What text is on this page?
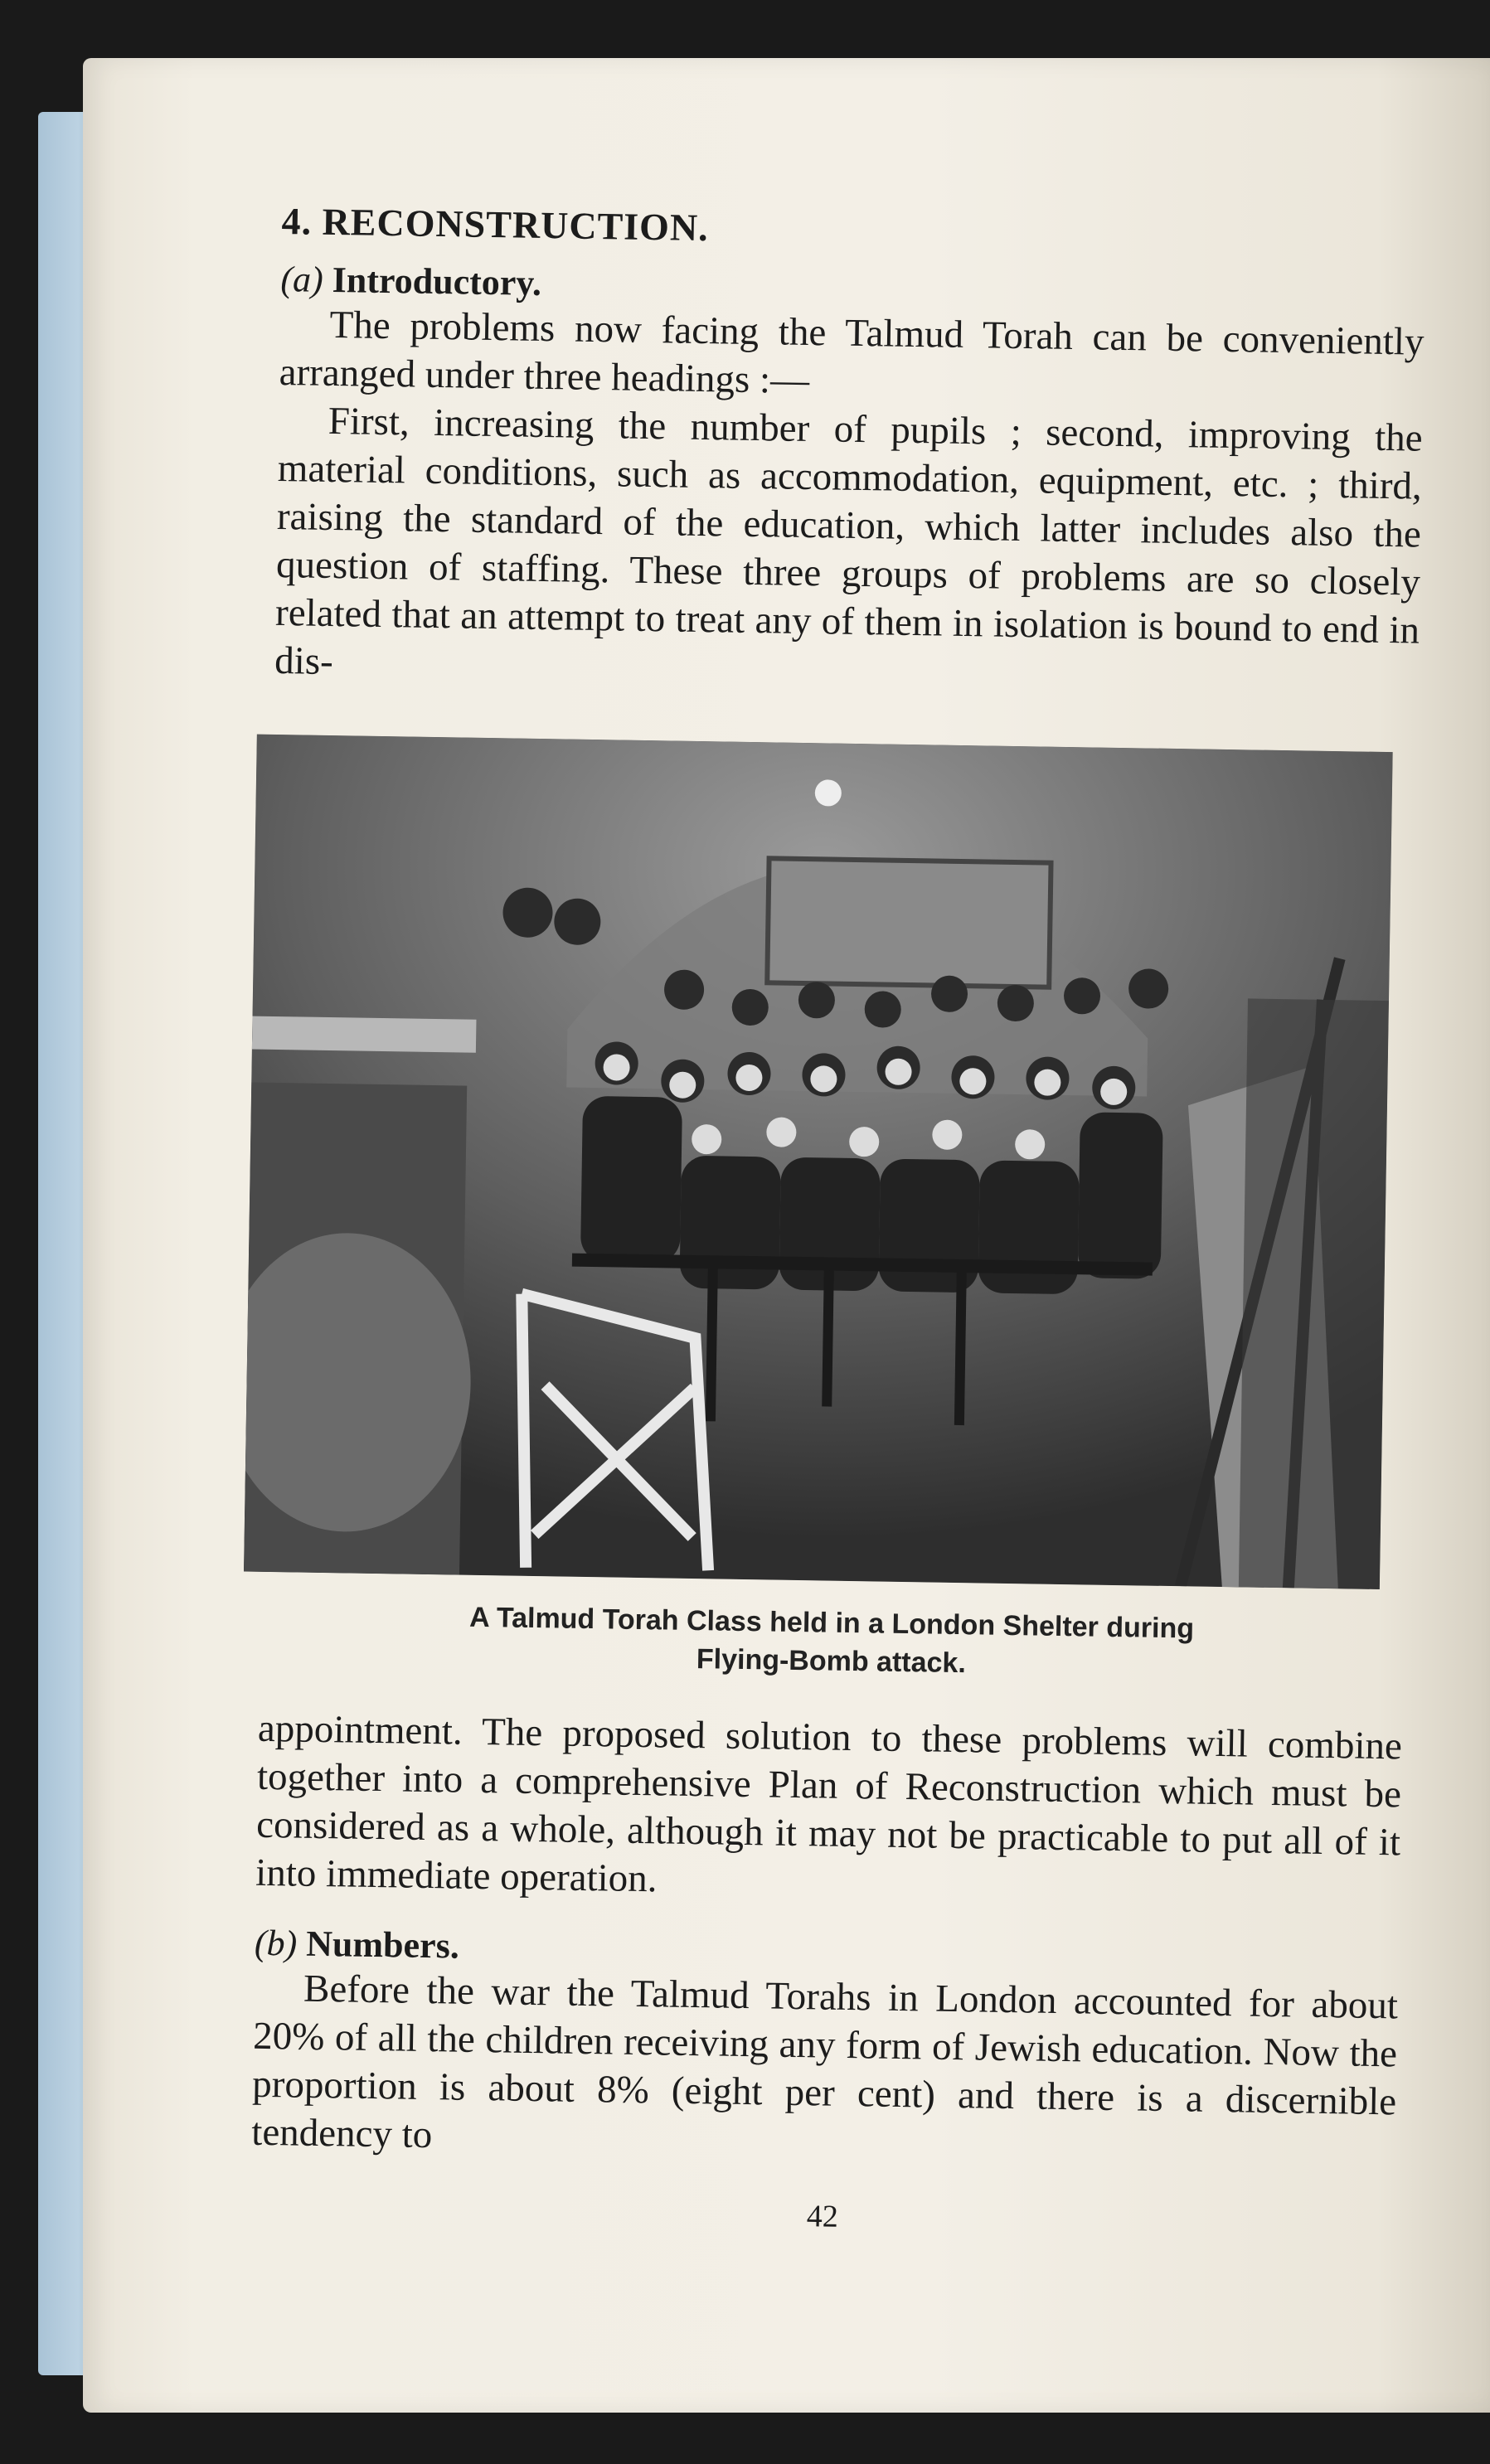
4. RECONSTRUCTION.

(a) Introductory.

The problems now facing the Talmud Torah can be conveniently arranged under three headings :—

First, increasing the number of pupils ; second, improving the material conditions, such as accommodation, equipment, etc. ; third, raising the standard of the education, which latter includes also the question of staffing. These three groups of problems are so closely related that an attempt to treat any of them in isolation is bound to end in dis-

A Talmud Torah Class held in a London Shelter during
Flying-Bomb attack.

appointment. The proposed solution to these problems will combine together into a comprehensive Plan of Reconstruction which must be considered as a whole, although it may not be practicable to put all of it into immediate operation.

(b) Numbers.

Before the war the Talmud Torahs in London accounted for about 20% of all the children receiving any form of Jewish education. Now the proportion is about 8% (eight per cent) and there is a discernible tendency to

42
